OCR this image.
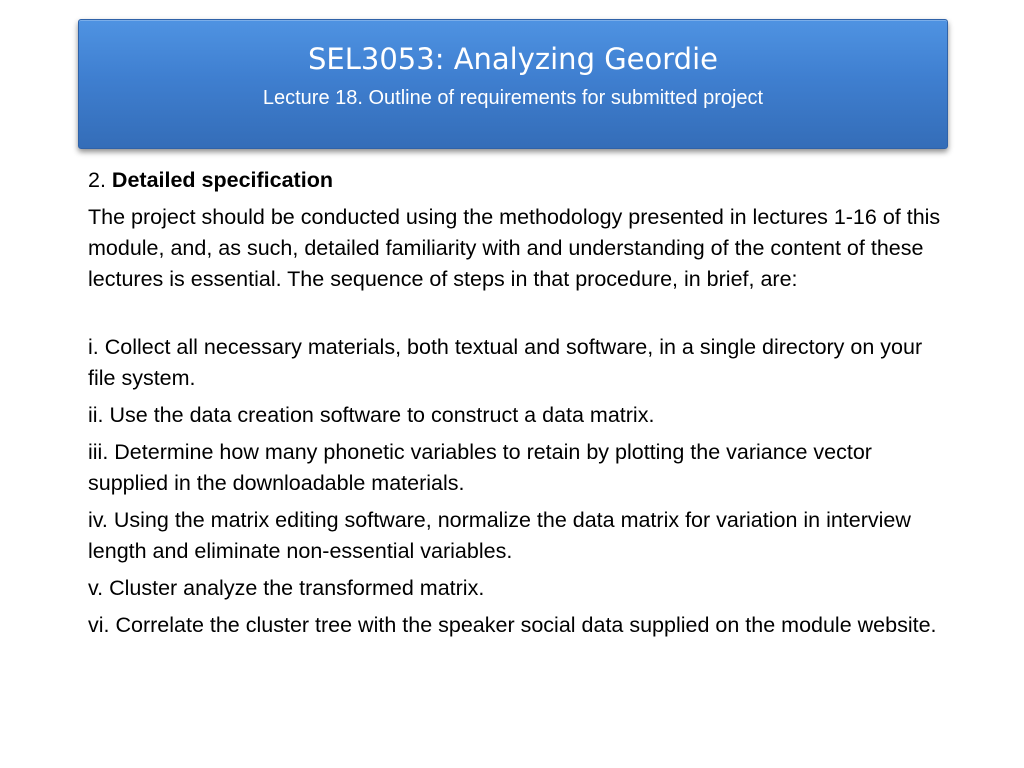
SEL3053: Analyzing Geordie
Lecture 18. Outline of requirements for submitted project

2. Detailed specification

The project should be conducted using the methodology presented in lectures 1-16 of this module, and, as such, detailed familiarity with and understanding of the content of these lectures is essential. The sequence of steps in that procedure, in brief, are:

i. Collect all necessary materials, both textual and software, in a single directory on your file system.

ii. Use the data creation software to construct a data matrix.

iii. Determine how many phonetic variables to retain by plotting the variance vector supplied in the downloadable materials.

iv. Using the matrix editing software, normalize the data matrix for variation in interview length and eliminate non-essential variables.

v. Cluster analyze the transformed matrix.

vi. Correlate the cluster tree with the speaker social data supplied on the module website.
